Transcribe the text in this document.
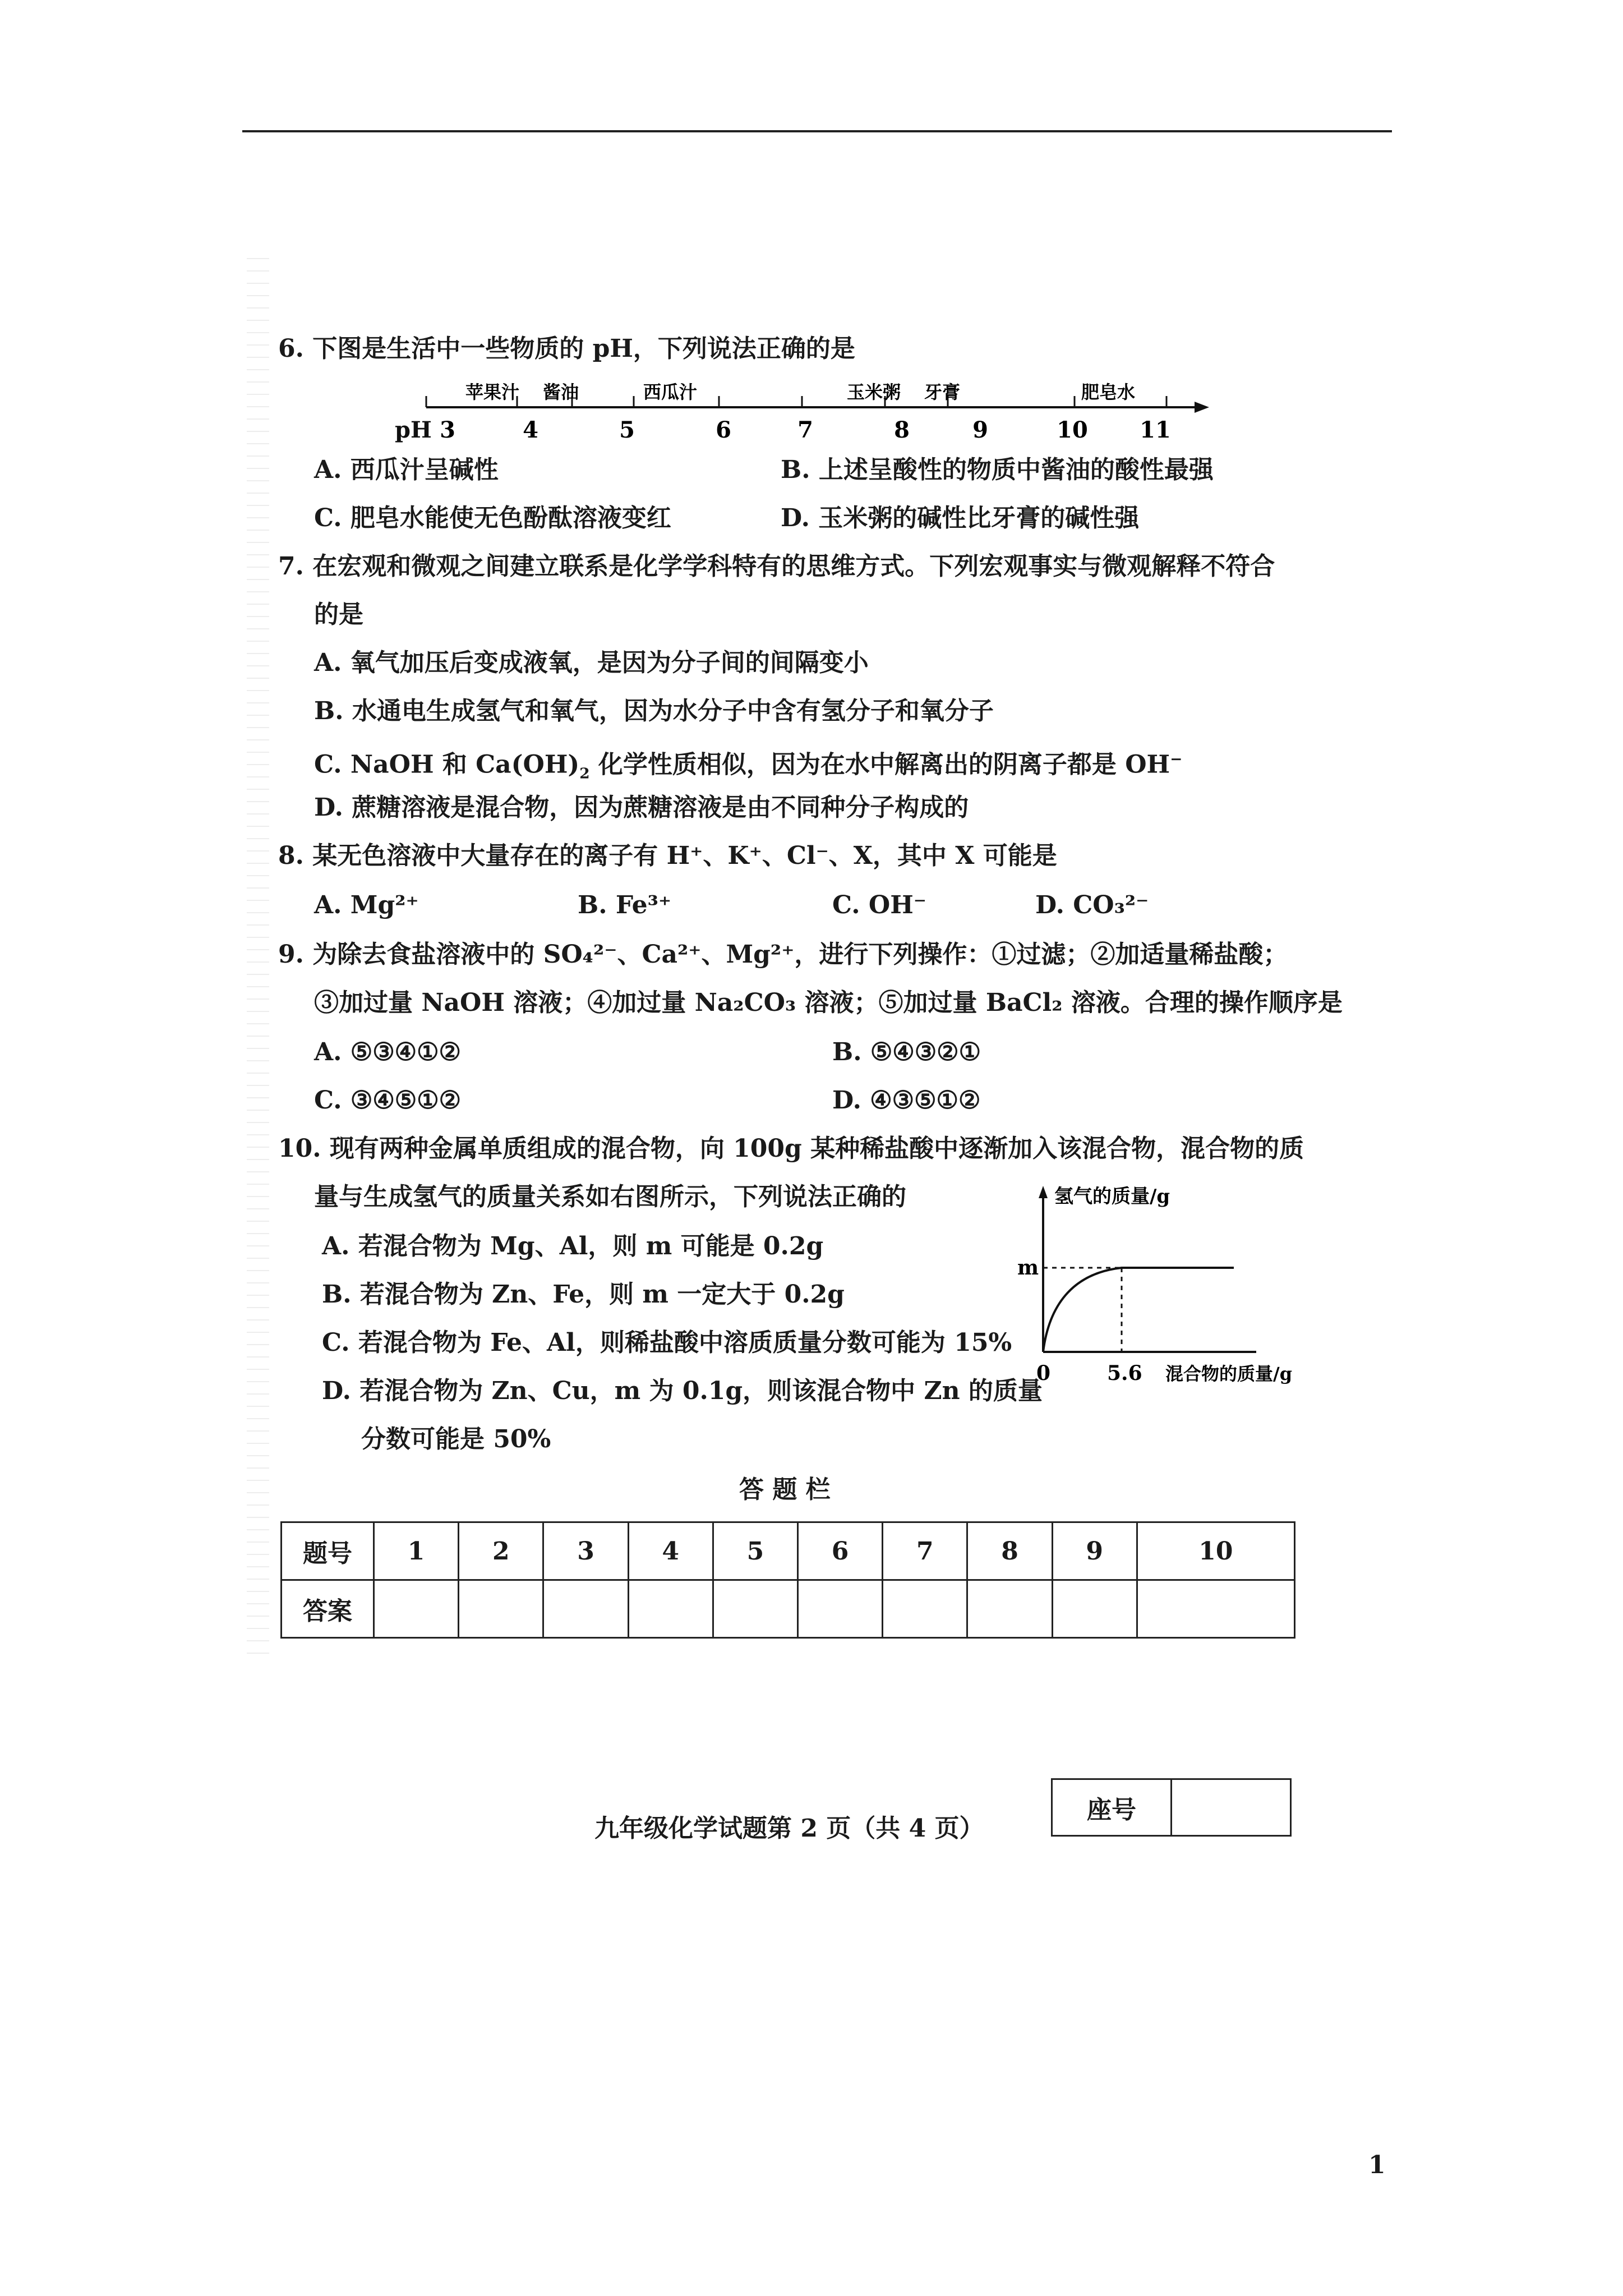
6. 下图是生活中一些物质的 pH，下列说法正确的是
3	4	5	6	7	8	9	10 11
苹果汁 酱油	西瓜汁	玉米粥 牙膏	肥皂水
pH
A. 西瓜汁呈碱性	B. 上述呈酸性的物质中酱油的酸性最强
C. 肥皂水能使无色酚酞溶液变红	D. 玉米粥的碱性比牙膏的碱性强
7. 在宏观和微观之间建立联系是化学学科特有的思维方式。下列宏观事实与微观解释不符合
的是
A. 氧气加压后变成液氧，是因为分子间的间隔变小
B. 水通电生成氢气和氧气，因为水分子中含有氢分子和氧分子
C. NaOH 和 $Ca(OH)_2$ 化学性质相似，因为在水中解离出的阴离子都是 OH−
D. 蔗糖溶液是混合物，因为蔗糖溶液是由不同种分子构成的
8. 某无色溶液中大量存在的离子有 H⁺、K⁺、Cl⁻、X，其中 X 可能是
A. Mg²⁺	B. Fe³⁺	C. OH⁻	D. CO₃²⁻
9. 为除去食盐溶液中的 SO₄²⁻、Ca²⁺、Mg²⁺，进行下列操作：①过滤；②加适量稀盐酸；
③加过量 NaOH 溶液；④加过量 Na₂CO₃ 溶液；⑤加过量 BaCl₂ 溶液。合理的操作顺序是
A. ⑤③④①②	B. ⑤④③②①
C. ③④⑤①②	D. ④③⑤①②
10. 现有两种金属单质组成的混合物，向 100g 某种稀盐酸中逐渐加入该混合物，混合物的质
量与生成氢气的质量关系如右图所示，下列说法正确的
A. 若混合物为 Mg、Al，则 m 可能是 0.2g
B. 若混合物为 Zn、Fe，则 m 一定大于 0.2g
C. 若混合物为 Fe、Al，则稀盐酸中溶质质量分数可能为 15%
D. 若混合物为 Zn、Cu，m 为 0.1g，则该混合物中 Zn 的质量
分数可能是 50%
氢气的质量/g
m
0	5.6 混合物的质量/g
答 题 栏
题号	1	2	3	4	5	6	7	8	9	10
答案										
座号	
九年级化学试题第 2 页（共 4 页）
1
